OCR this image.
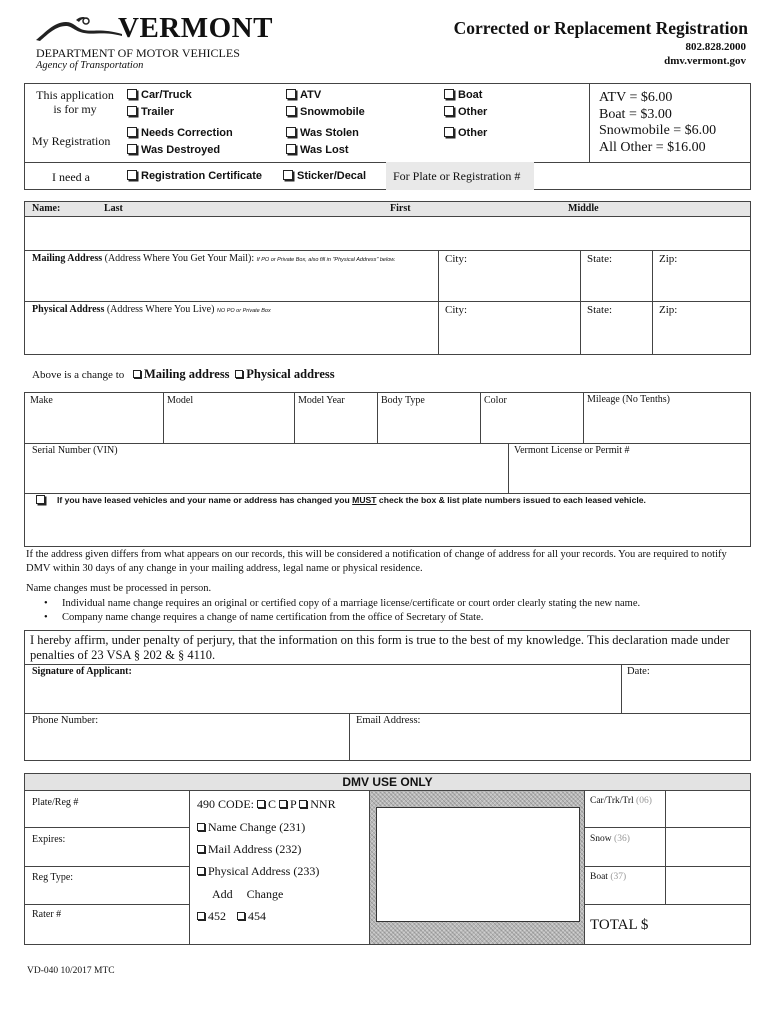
VERMONT
DEPARTMENT OF MOTOR VEHICLES
Agency of Transportation
Corrected or Replacement Registration
802.828.2000
dmv.vermont.gov
This application
is for my
Car/Truck	ATV	Boat
Trailer	Snowmobile	Other
My Registration
Needs Correction	Was Stolen	Other
Was Destroyed	Was Lost
I need a	Registration Certificate	Sticker/Decal	For Plate or Registration #
ATV = $6.00
Boat = $3.00
Snowmobile = $6.00
All Other = $16.00
Name:	Last	First	Middle
Mailing Address (Address Where You Get Your Mail): If PO or Private Box, also fill in "Physical Address" below.	City:	State:	Zip:
Physical Address (Address Where You Live) NO PO or Private Box	City:	State:	Zip:
Above is a change to Mailing address Physical address
Make	Model	Model Year	Body Type	Color	Mileage (No Tenths)
Serial Number (VIN)	Vermont License or Permit #
If you have leased vehicles and your name or address has changed you MUST check the box & list plate numbers issued to each leased vehicle.
If the address given differs from what appears on our records, this will be considered a notification of change of address for all your records. You are required to notify DMV within 30 days of any change in your mailing address, legal name or physical residence.
Name changes must be processed in person.
• Individual name change requires an original or certified copy of a marriage license/certificate or court order clearly stating the new name.
• Company name change requires a change of name certification from the office of Secretary of State.
I hereby affirm, under penalty of perjury, that the information on this form is true to the best of my knowledge. This declaration made under penalties of 23 VSA § 202 & § 4110.
Signature of Applicant:	Date:
Phone Number:	Email Address:
DMV USE ONLY
Plate/Reg #
Expires:
Reg Type:
Rater #
490 CODE: C P NNR
Name Change (231)
Mail Address (232)
Physical Address (233)
Add Change
452 454
Car/Trk/Trl (06)
Snow (36)
Boat (37)
TOTAL $
VD-040 10/2017 MTC
